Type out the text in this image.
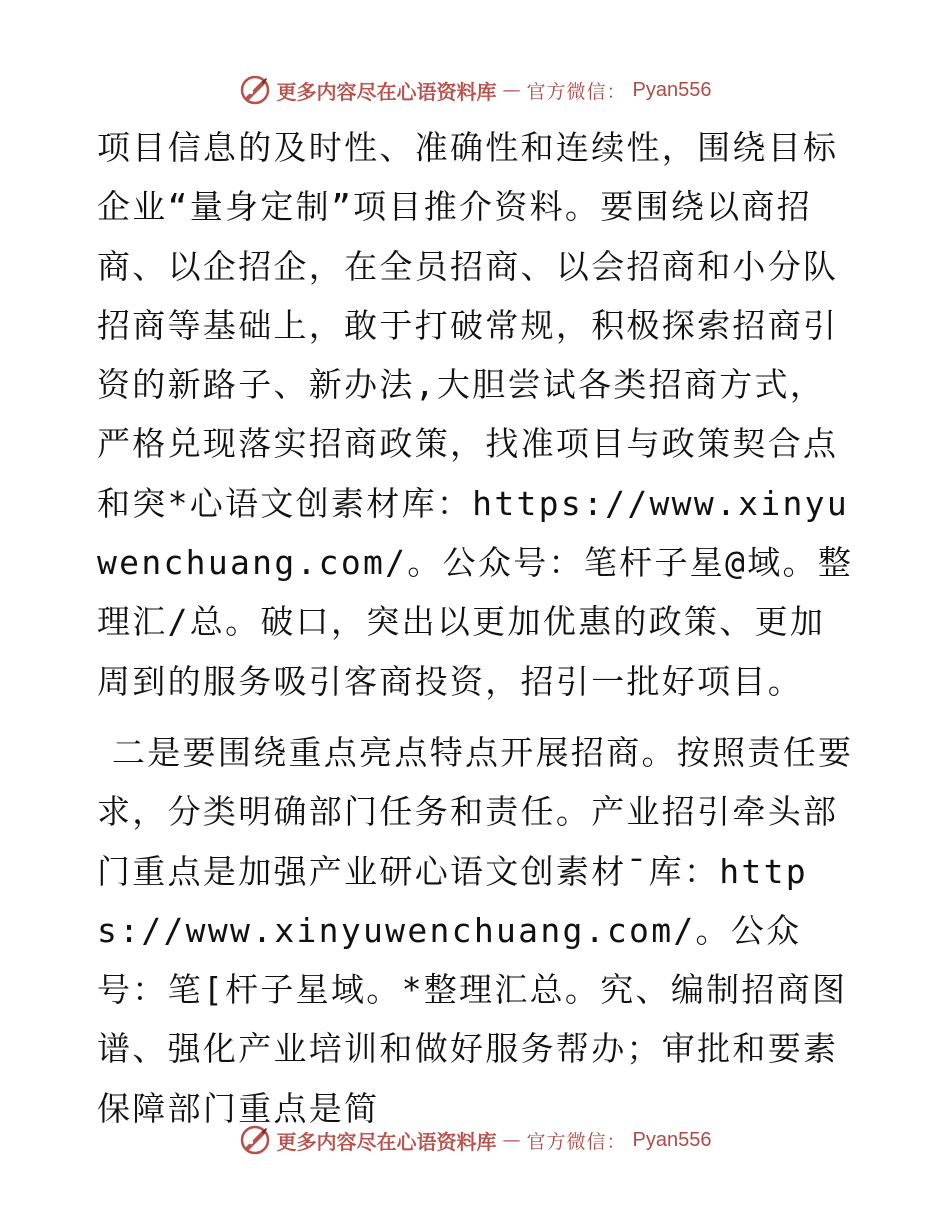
更多内容尽在心语资料库 — 官方微信： Pyan556

项目信息的及时性、准确性和连续性，围绕目标企业“量身定制”项目推介资料。要围绕以商招商、以企招企，在全员招商、以会招商和小分队招商等基础上，敢于打破常规，积极探索招商引资的新路子、新办法,大胆尝试各类招商方式，严格兑现落实招商政策，找准项目与政策契合点和突*心语文创素材库：https://www.xinyuwenchuang.com/。公众号：笔杆子星@域。整理汇/总。破口，突出以更加优惠的政策、更加周到的服务吸引客商投资，招引一批好项目。

二是要围绕重点亮点特点开展招商。按照责任要求，分类明确部门任务和责任。产业招引牵头部门重点是加强产业研心语文创素材¯库：https://www.xinyuwenchuang.com/。公众号：笔[杆子星域。*整理汇总。究、编制招商图谱、强化产业培训和做好服务帮办；审批和要素保障部门重点是简

更多内容尽在心语资料库 — 官方微信： Pyan556
